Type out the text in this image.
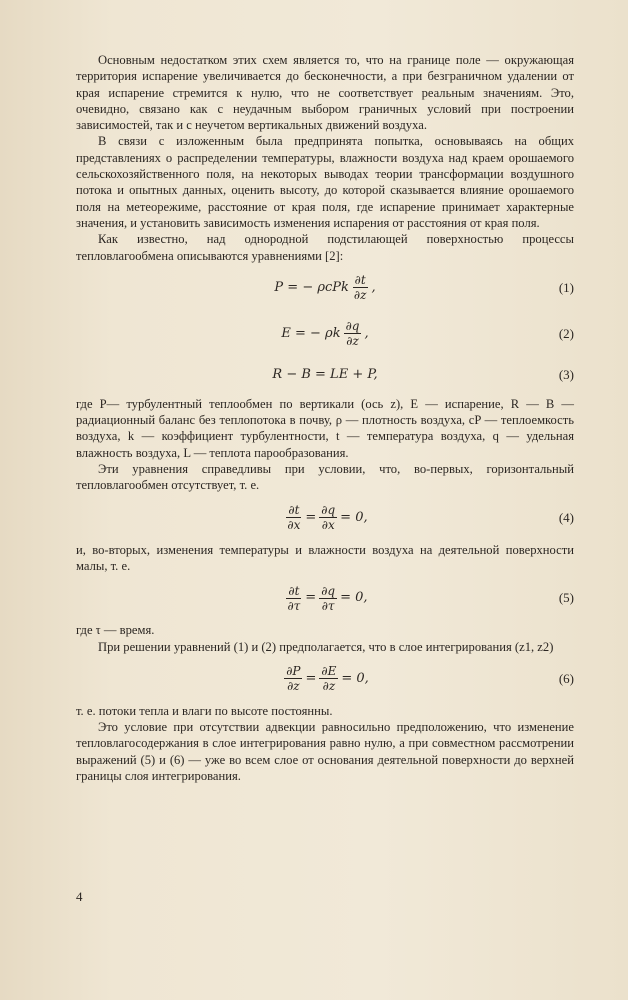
Основным недостатком этих схем является то, что на границе поле — окружающая территория испарение увеличивается до бесконечности, а при безграничном удалении от края испарение стремится к нулю, что не соответствует реальным значениям. Это, очевидно, связано как с неудачным выбором граничных условий при построении зависимостей, так и с неучетом вертикальных движений воздуха.

В связи с изложенным была предпринята попытка, основываясь на общих представлениях о распределении температуры, влажности воздуха над краем орошаемого сельскохозяйственного поля, на некоторых выводах теории трансформации воздушного потока и опытных данных, оценить высоту, до которой сказывается влияние орошаемого поля на метеорежиме, расстояние от края поля, где испарение принимает характерные значения, и установить зависимость изменения испарения от расстояния от края поля.

Как известно, над однородной подстилающей поверхностью процессы тепловлагообмена описываются уравнениями [2]:

P = − ρcPk $\frac{\partial t}{\partial z}$ ,	(1)
E = − ρk $\frac{\partial q}{\partial z}$ ,	(2)
R − B = LE + P,	(3)

где P— турбулентный теплообмен по вертикали (ось z), E — испарение, R — B — радиационный баланс без теплопотока в почву, ρ — плотность воздуха, cP — теплоемкость воздуха, k — коэффициент турбулентности, t — температура воздуха, q — удельная влажность воздуха, L — теплота парообразования.

Эти уравнения справедливы при условии, что, во-первых, горизонтальный тепловлагообмен отсутствует, т. е.

$\frac{\partial t}{\partial x} = \frac{\partial q}{\partial x} = 0$,	(4)

и, во-вторых, изменения температуры и влажности воздуха на деятельной поверхности малы, т. е.

$\frac{\partial t}{\partial\tau} = \frac{\partial q}{\partial\tau} = 0$,	(5)

где τ — время.

При решении уравнений (1) и (2) предполагается, что в слое интегрирования (z1, z2)

$\frac{\partial P}{\partial z} = \frac{\partial E}{\partial z} = 0$,	(6)

т. е. потоки тепла и влаги по высоте постоянны.

Это условие при отсутствии адвекции равносильно предположению, что изменение тепловлагосодержания в слое интегрирования равно нулю, а при совместном рассмотрении выражений (5) и (6) — уже во всем слое от основания деятельной поверхности до верхней границы слоя интегрирования.

4
